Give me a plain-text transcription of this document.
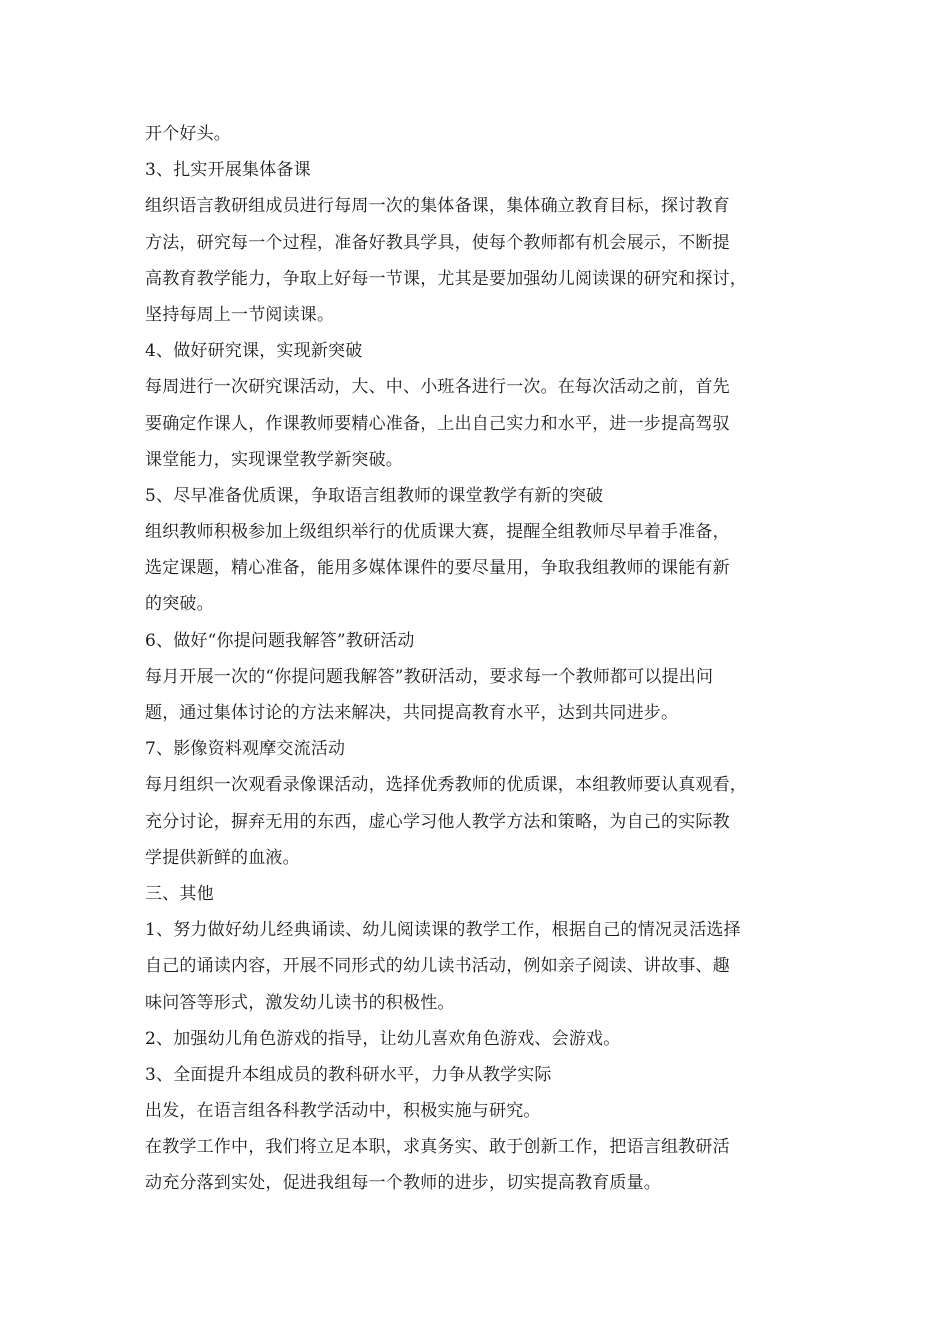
开个好头。
3、扎实开展集体备课
组织语言教研组成员进行每周一次的集体备课，集体确立教育目标，探讨教育
方法，研究每一个过程，准备好教具学具，使每个教师都有机会展示，不断提
高教育教学能力，争取上好每一节课，尤其是要加强幼儿阅读课的研究和探讨，
坚持每周上一节阅读课。
4、做好研究课，实现新突破
每周进行一次研究课活动，大、中、小班各进行一次。在每次活动之前，首先
要确定作课人，作课教师要精心准备，上出自己实力和水平，进一步提高驾驭
课堂能力，实现课堂教学新突破。
5、尽早准备优质课，争取语言组教师的课堂教学有新的突破
组织教师积极参加上级组织举行的优质课大赛，提醒全组教师尽早着手准备，
选定课题，精心准备，能用多媒体课件的要尽量用，争取我组教师的课能有新
的突破。
6、做好“你提问题我解答”教研活动
每月开展一次的“你提问题我解答”教研活动，要求每一个教师都可以提出问
题，通过集体讨论的方法来解决，共同提高教育水平，达到共同进步。
7、影像资料观摩交流活动
每月组织一次观看录像课活动，选择优秀教师的优质课，本组教师要认真观看，
充分讨论，摒弃无用的东西，虚心学习他人教学方法和策略，为自己的实际教
学提供新鲜的血液。
三、其他
1、努力做好幼儿经典诵读、幼儿阅读课的教学工作，根据自己的情况灵活选择
自己的诵读内容，开展不同形式的幼儿读书活动，例如亲子阅读、讲故事、趣
味问答等形式，激发幼儿读书的积极性。
2、加强幼儿角色游戏的指导，让幼儿喜欢角色游戏、会游戏。
3、全面提升本组成员的教科研水平，力争从教学实际
出发，在语言组各科教学活动中，积极实施与研究。
在教学工作中，我们将立足本职，求真务实、敢于创新工作，把语言组教研活
动充分落到实处，促进我组每一个教师的进步，切实提高教育质量。
